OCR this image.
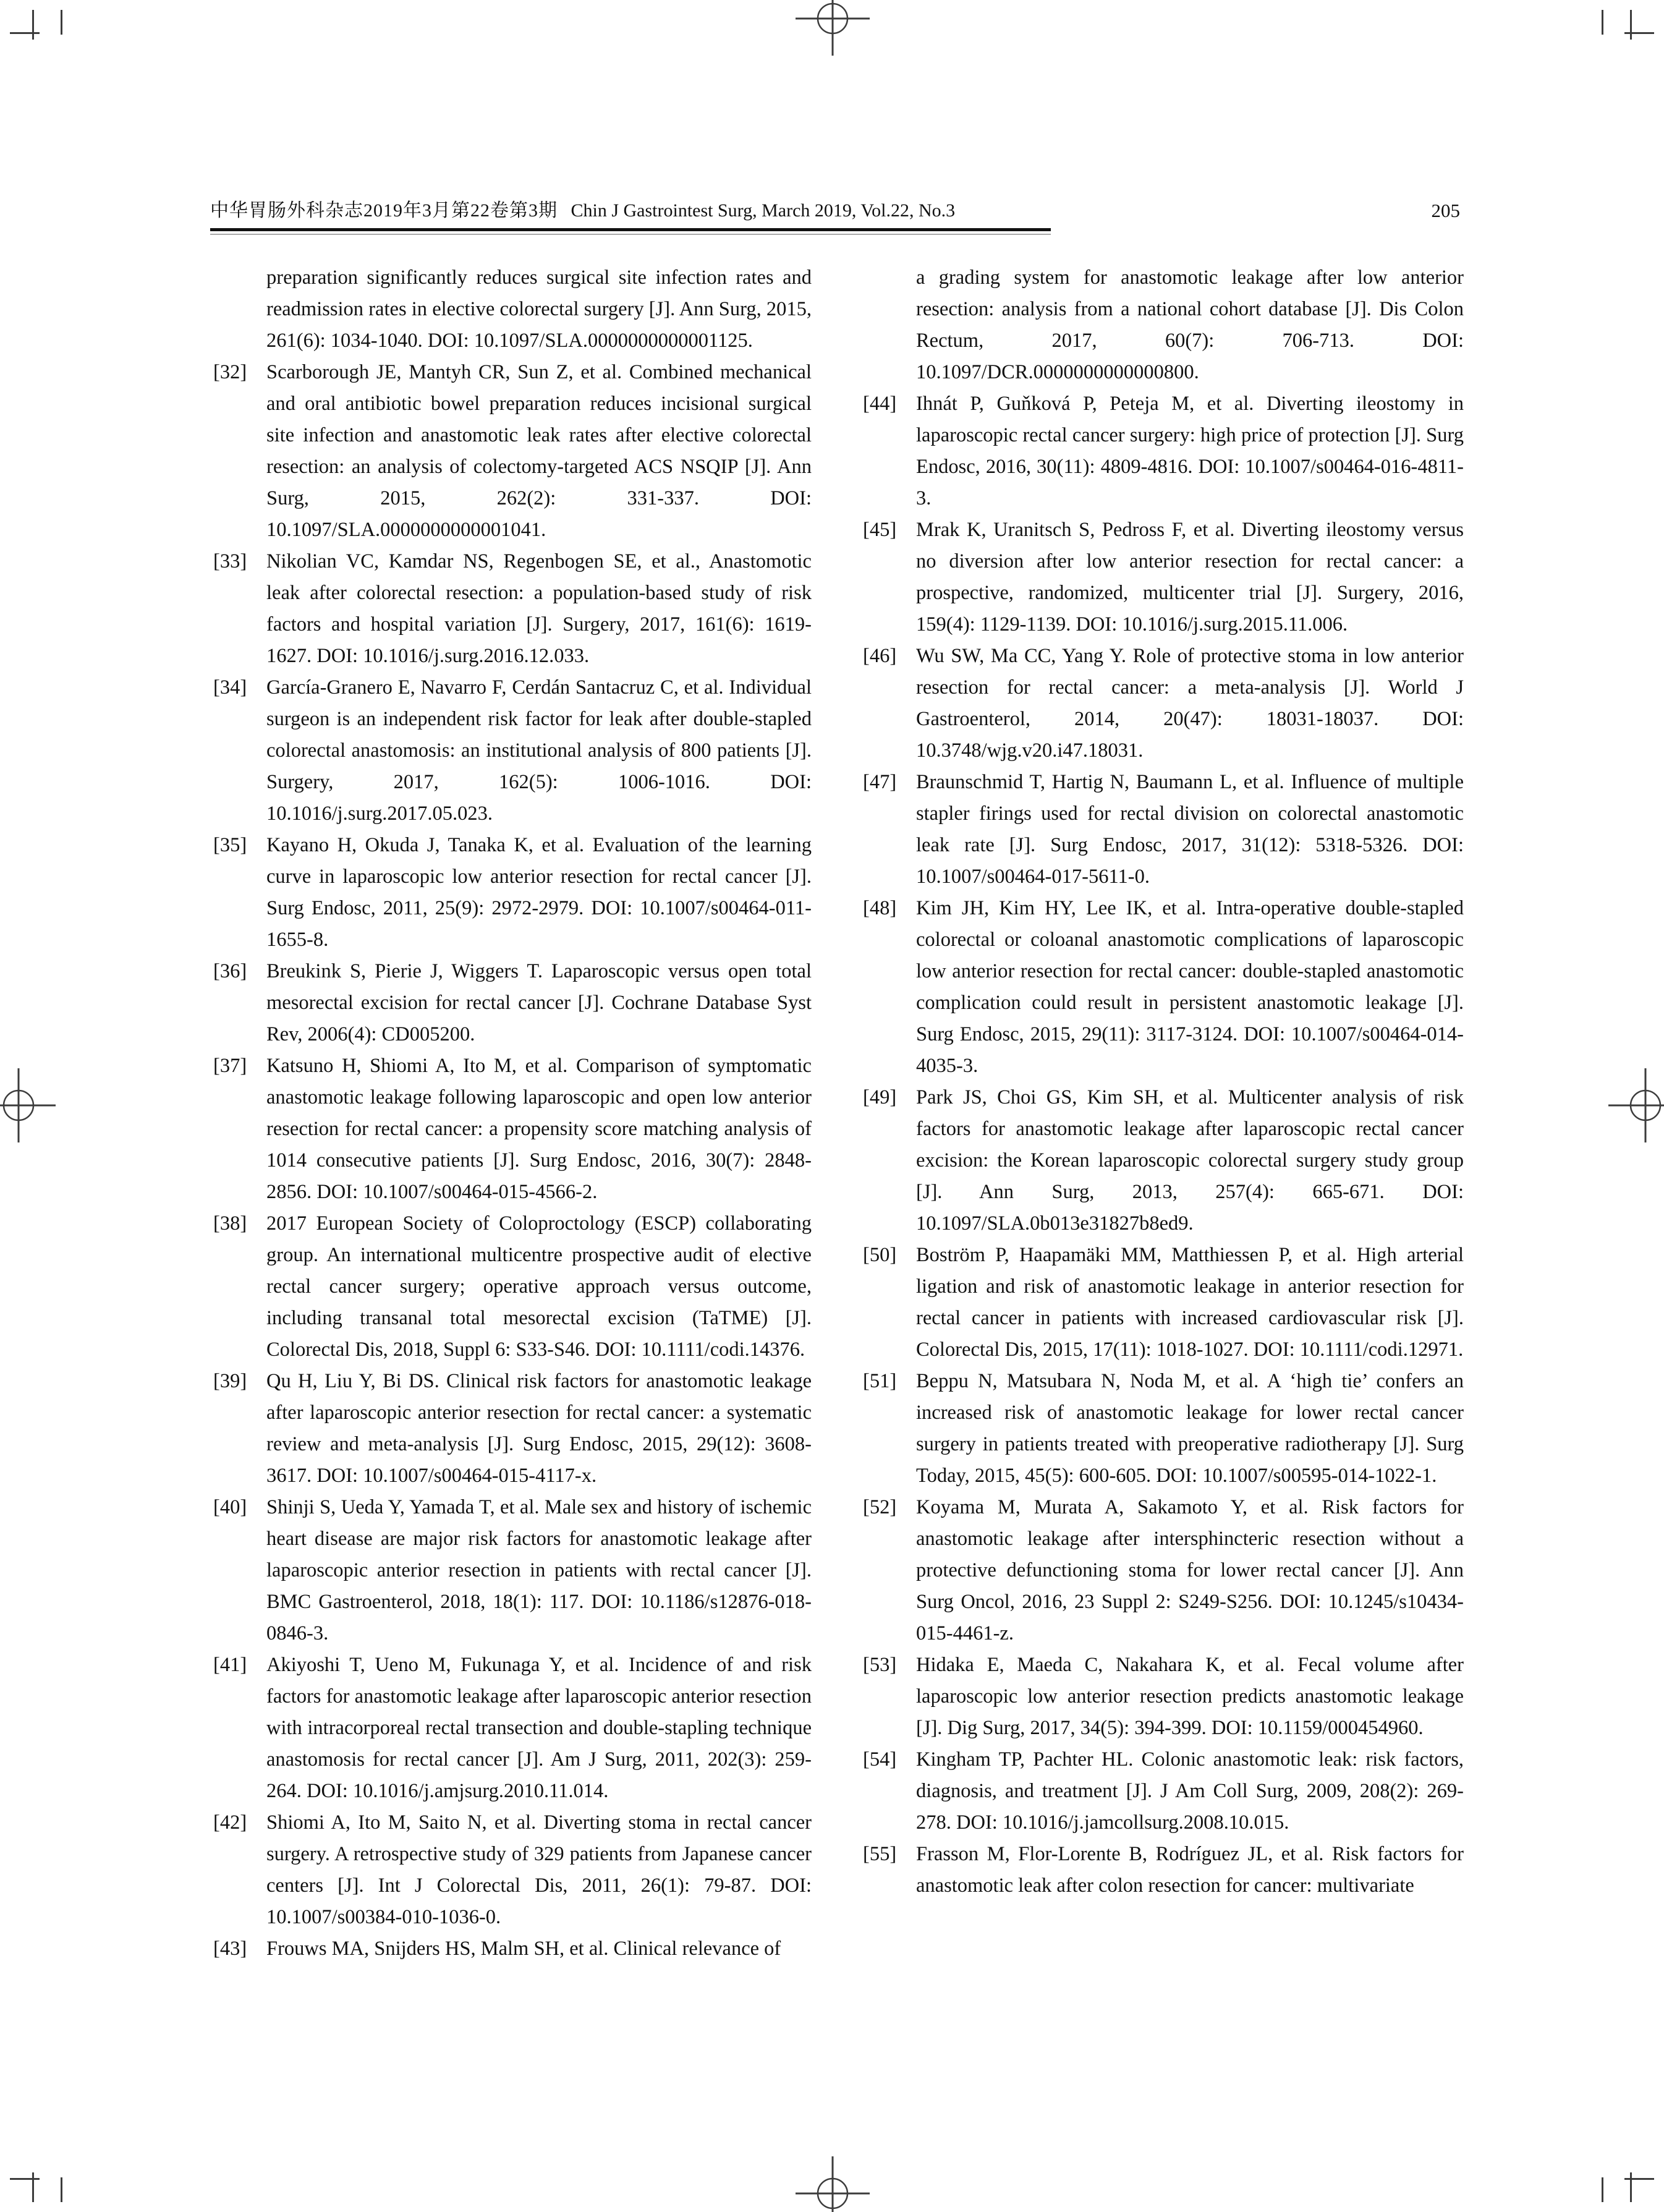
中华胃肠外科杂志2019年3月第22卷第3期 Chin J Gastrointest Surg, March 2019, Vol.22, No.3	205

preparation significantly reduces surgical site infection rates and readmission rates in elective colorectal surgery [J]. Ann Surg, 2015, 261(6): 1034-1040. DOI: 10.1097/SLA.0000000000001125.

[32] Scarborough JE, Mantyh CR, Sun Z, et al. Combined mechanical and oral antibiotic bowel preparation reduces incisional surgical site infection and anastomotic leak rates after elective colorectal resection: an analysis of colectomy-targeted ACS NSQIP [J]. Ann Surg, 2015, 262(2): 331-337. DOI: 10.1097/SLA.0000000000001041.

[33] Nikolian VC, Kamdar NS, Regenbogen SE, et al., Anastomotic leak after colorectal resection: a population-based study of risk factors and hospital variation [J]. Surgery, 2017, 161(6): 1619-1627. DOI: 10.1016/j.surg.2016.12.033.

[34] García-Granero E, Navarro F, Cerdán Santacruz C, et al. Individual surgeon is an independent risk factor for leak after double-stapled colorectal anastomosis: an institutional analysis of 800 patients [J]. Surgery, 2017, 162(5): 1006-1016. DOI: 10.1016/j.surg.2017.05.023.

[35] Kayano H, Okuda J, Tanaka K, et al. Evaluation of the learning curve in laparoscopic low anterior resection for rectal cancer [J]. Surg Endosc, 2011, 25(9): 2972-2979. DOI: 10.1007/s00464-011-1655-8.

[36] Breukink S, Pierie J, Wiggers T. Laparoscopic versus open total mesorectal excision for rectal cancer [J]. Cochrane Database Syst Rev, 2006(4): CD005200.

[37] Katsuno H, Shiomi A, Ito M, et al. Comparison of symptomatic anastomotic leakage following laparoscopic and open low anterior resection for rectal cancer: a propensity score matching analysis of 1014 consecutive patients [J]. Surg Endosc, 2016, 30(7): 2848-2856. DOI: 10.1007/s00464-015-4566-2.

[38] 2017 European Society of Coloproctology (ESCP) collaborating group. An international multicentre prospective audit of elective rectal cancer surgery; operative approach versus outcome, including transanal total mesorectal excision (TaTME) [J]. Colorectal Dis, 2018, Suppl 6: S33-S46. DOI: 10.1111/codi.14376.

[39] Qu H, Liu Y, Bi DS. Clinical risk factors for anastomotic leakage after laparoscopic anterior resection for rectal cancer: a systematic review and meta-analysis [J]. Surg Endosc, 2015, 29(12): 3608-3617. DOI: 10.1007/s00464-015-4117-x.

[40] Shinji S, Ueda Y, Yamada T, et al. Male sex and history of ischemic heart disease are major risk factors for anastomotic leakage after laparoscopic anterior resection in patients with rectal cancer [J]. BMC Gastroenterol, 2018, 18(1): 117. DOI: 10.1186/s12876-018-0846-3.

[41] Akiyoshi T, Ueno M, Fukunaga Y, et al. Incidence of and risk factors for anastomotic leakage after laparoscopic anterior resection with intracorporeal rectal transection and double-stapling technique anastomosis for rectal cancer [J]. Am J Surg, 2011, 202(3): 259-264. DOI: 10.1016/j.amjsurg.2010.11.014.

[42] Shiomi A, Ito M, Saito N, et al. Diverting stoma in rectal cancer surgery. A retrospective study of 329 patients from Japanese cancer centers [J]. Int J Colorectal Dis, 2011, 26(1): 79-87. DOI: 10.1007/s00384-010-1036-0.

[43] Frouws MA, Snijders HS, Malm SH, et al. Clinical relevance of

a grading system for anastomotic leakage after low anterior resection: analysis from a national cohort database [J]. Dis Colon Rectum, 2017, 60(7): 706-713. DOI: 10.1097/DCR.0000000000000800.

[44] Ihnát P, Guňková P, Peteja M, et al. Diverting ileostomy in laparoscopic rectal cancer surgery: high price of protection [J]. Surg Endosc, 2016, 30(11): 4809-4816. DOI: 10.1007/s00464-016-4811-3.

[45] Mrak K, Uranitsch S, Pedross F, et al. Diverting ileostomy versus no diversion after low anterior resection for rectal cancer: a prospective, randomized, multicenter trial [J]. Surgery, 2016, 159(4): 1129-1139. DOI: 10.1016/j.surg.2015.11.006.

[46] Wu SW, Ma CC, Yang Y. Role of protective stoma in low anterior resection for rectal cancer: a meta-analysis [J]. World J Gastroenterol, 2014, 20(47): 18031-18037. DOI: 10.3748/wjg.v20.i47.18031.

[47] Braunschmid T, Hartig N, Baumann L, et al. Influence of multiple stapler firings used for rectal division on colorectal anastomotic leak rate [J]. Surg Endosc, 2017, 31(12): 5318-5326. DOI: 10.1007/s00464-017-5611-0.

[48] Kim JH, Kim HY, Lee IK, et al. Intra-operative double-stapled colorectal or coloanal anastomotic complications of laparoscopic low anterior resection for rectal cancer: double-stapled anastomotic complication could result in persistent anastomotic leakage [J]. Surg Endosc, 2015, 29(11): 3117-3124. DOI: 10.1007/s00464-014-4035-3.

[49] Park JS, Choi GS, Kim SH, et al. Multicenter analysis of risk factors for anastomotic leakage after laparoscopic rectal cancer excision: the Korean laparoscopic colorectal surgery study group [J]. Ann Surg, 2013, 257(4): 665-671. DOI: 10.1097/SLA.0b013e31827b8ed9.

[50] Boström P, Haapamäki MM, Matthiessen P, et al. High arterial ligation and risk of anastomotic leakage in anterior resection for rectal cancer in patients with increased cardiovascular risk [J]. Colorectal Dis, 2015, 17(11): 1018-1027. DOI: 10.1111/codi.12971.

[51] Beppu N, Matsubara N, Noda M, et al. A ‘high tie’ confers an increased risk of anastomotic leakage for lower rectal cancer surgery in patients treated with preoperative radiotherapy [J]. Surg Today, 2015, 45(5): 600-605. DOI: 10.1007/s00595-014-1022-1.

[52] Koyama M, Murata A, Sakamoto Y, et al. Risk factors for anastomotic leakage after intersphincteric resection without a protective defunctioning stoma for lower rectal cancer [J]. Ann Surg Oncol, 2016, 23 Suppl 2: S249-S256. DOI: 10.1245/s10434-015-4461-z.

[53] Hidaka E, Maeda C, Nakahara K, et al. Fecal volume after laparoscopic low anterior resection predicts anastomotic leakage [J]. Dig Surg, 2017, 34(5): 394-399. DOI: 10.1159/000454960.

[54] Kingham TP, Pachter HL. Colonic anastomotic leak: risk factors, diagnosis, and treatment [J]. J Am Coll Surg, 2009, 208(2): 269-278. DOI: 10.1016/j.jamcollsurg.2008.10.015.

[55] Frasson M, Flor-Lorente B, Rodríguez JL, et al. Risk factors for anastomotic leak after colon resection for cancer: multivariate
